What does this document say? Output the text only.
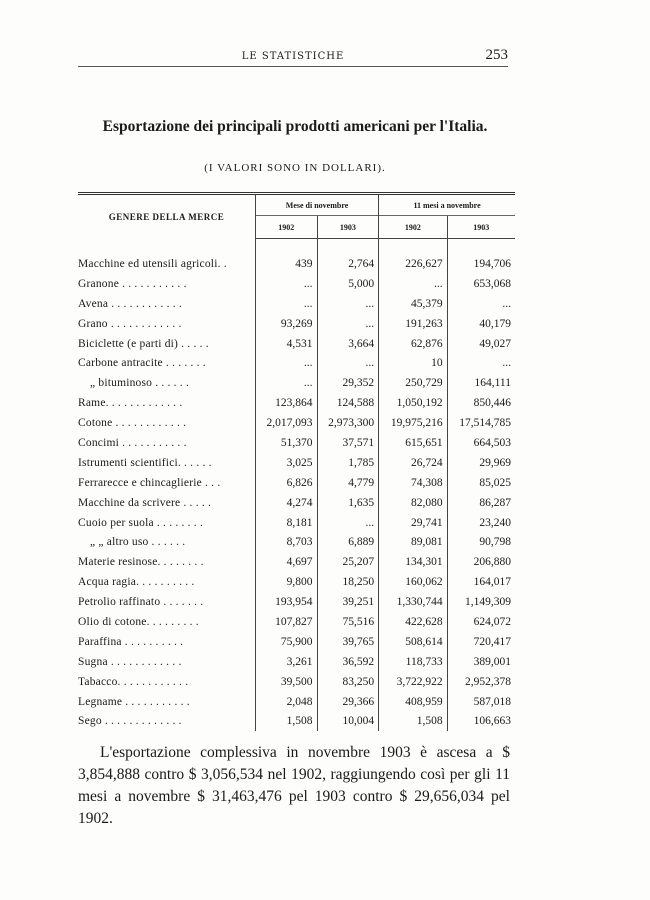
LE STATISTICHE	253
Esportazione dei principali prodotti americani per l'Italia.
(I VALORI SONO IN DOLLARI).
GENERE DELLA MERCE	Mese di novembre		11 mesi a novembre	
	1902	1903	1902	1903

Macchine ed utensili agricoli. .	439	2,764	226,627	194,706
Granone . . . . . . . . . . .	...	5,000	...	653,068
Avena . . . . . . . . . . . .	...	...	45,379	...
Grano . . . . . . . . . . . .	93,269	...	191,263	40,179
Biciclette (e parti di) . . . . .	4,531	3,664	62,876	49,027
Carbone antracite . . . . . . .	...	...	10	...
„ bituminoso . . . . . .	...	29,352	250,729	164,111
Rame. . . . . . . . . . . . .	123,864	124,588	1,050,192	850,446
Cotone . . . . . . . . . . . .	2,017,093	2,973,300	19,975,216	17,514,785
Concimi . . . . . . . . . . .	51,370	37,571	615,651	664,503
Istrumenti scientifici. . . . . .	3,025	1,785	26,724	29,969
Ferrarecce e chincaglierie . . .	6,826	4,779	74,308	85,025
Macchine da scrivere . . . . .	4,274	1,635	82,080	86,287
Cuoio per suola . . . . . . . .	8,181	...	29,741	23,240
„ „ altro uso . . . . . .	8,703	6,889	89,081	90,798
Materie resinose. . . . . . . .	4,697	25,207	134,301	206,880
Acqua ragia. . . . . . . . . .	9,800	18,250	160,062	164,017
Petrolio raffinato . . . . . . .	193,954	39,251	1,330,744	1,149,309
Olio di cotone. . . . . . . . .	107,827	75,516	422,628	624,072
Paraffina . . . . . . . . . .	75,900	39,765	508,614	720,417
Sugna . . . . . . . . . . . .	3,261	36,592	118,733	389,001
Tabacco. . . . . . . . . . . .	39,500	83,250	3,722,922	2,952,378
Legname . . . . . . . . . . .	2,048	29,366	408,959	587,018
Sego . . . . . . . . . . . . .	1,508	10,004	1,508	106,663
L'esportazione complessiva in novembre 1903 è ascesa a $ 3,854,888 contro $ 3,056,534 nel 1902, raggiungendo così per gli 11 mesi a novembre $ 31,463,476 pel 1903 contro $ 29,656,034 pel 1902.
